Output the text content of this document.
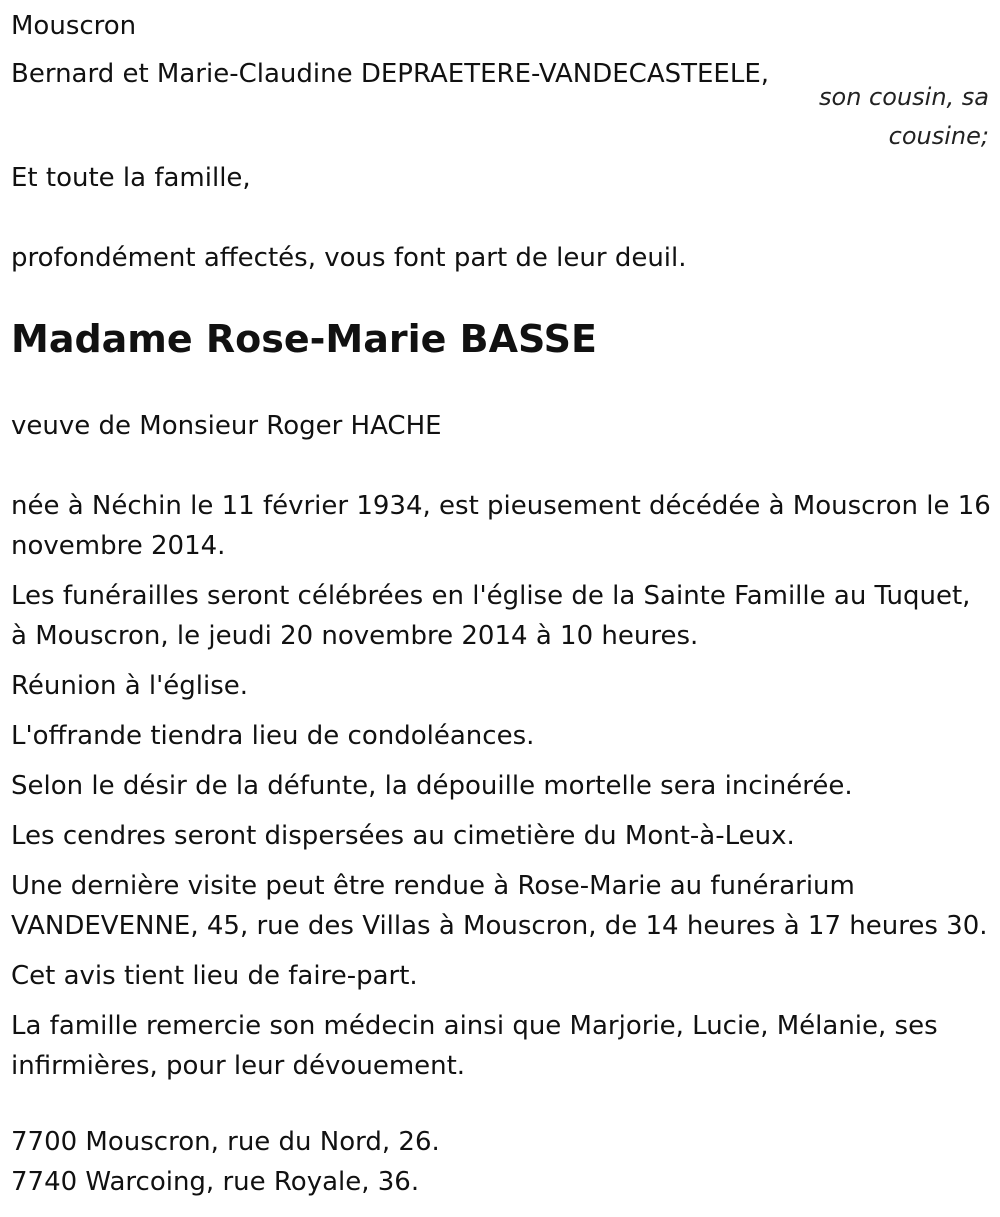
Mouscron
Bernard et Marie-Claudine DEPRAETERE-VANDECASTEELE,
son cousin, sa cousine;
Et toute la famille,
profondément affectés, vous font part de leur deuil.
Madame Rose-Marie BASSE
veuve de Monsieur Roger HACHE
née à Néchin le 11 février 1934, est pieusement décédée à Mouscron le 16 novembre 2014.
Les funérailles seront célébrées en l'église de la Sainte Famille au Tuquet, à Mouscron, le jeudi 20 novembre 2014 à 10 heures.
Réunion à l'église.
L'offrande tiendra lieu de condoléances.
Selon le désir de la défunte, la dépouille mortelle sera incinérée.
Les cendres seront dispersées au cimetière du Mont-à-Leux.
Une dernière visite peut être rendue à Rose-Marie au funérarium VANDEVENNE, 45, rue des Villas à Mouscron, de 14 heures à 17 heures 30.
Cet avis tient lieu de faire-part.
La famille remercie son médecin ainsi que Marjorie, Lucie, Mélanie, ses infirmières, pour leur dévouement.
7700 Mouscron, rue du Nord, 26.
7740 Warcoing, rue Royale, 36.
